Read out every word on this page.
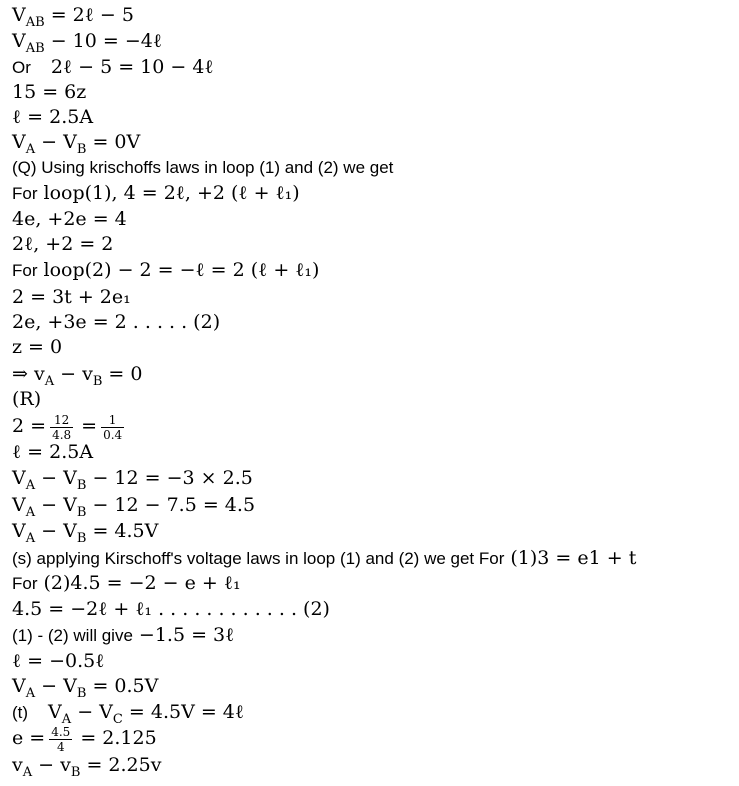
$V_{AB}$ = 2ℓ − 5
$V_{AB} - 10$ = −4ℓ
Or 2ℓ − 5 = 10 − 4ℓ
15 = 6z
ℓ = 2.5A
$V_A - V_B = 0V$
(Q) Using krischoffs laws in loop (1) and (2) we get
For loop(1), 4 = 2ℓ, +2 (ℓ + ℓ₁)
4e, +2e = 4
2ℓ, +2 = 2
For loop(2) − 2 = −ℓ = 2 (ℓ + ℓ₁)
2 = 3t + 2e₁
2e, +3e = 2 . . . . . (2)
z = 0
⇒ $v_A - v_B = 0$
(R)
$2 = \frac{12}{4.8} = \frac{1}{0.4}$
ℓ = 2.5A
$V_A - V_B - 12 = -3 \times 2.5$
$V_A - V_B - 12 - 7.5 = 4.5$
$V_A - V_B = 4.5V$
(s) applying Kirschoff's voltage laws in loop (1) and (2) we get For (1)3 = e1 + t
For (2)4.5 = −2 − e + ℓ₁
4.5 = −2ℓ + ℓ₁ . . . . . . . . . . . . (2)
(1) - (2) will give −1.5 = 3ℓ
ℓ = −0.5ℓ
$V_A - V_B = 0.5V$
(t) $V_A - V_C = 4.5V$ = 4ℓ
$e = \frac{4.5}{4} = 2.125$
$v_A - v_B = 2.25v$
